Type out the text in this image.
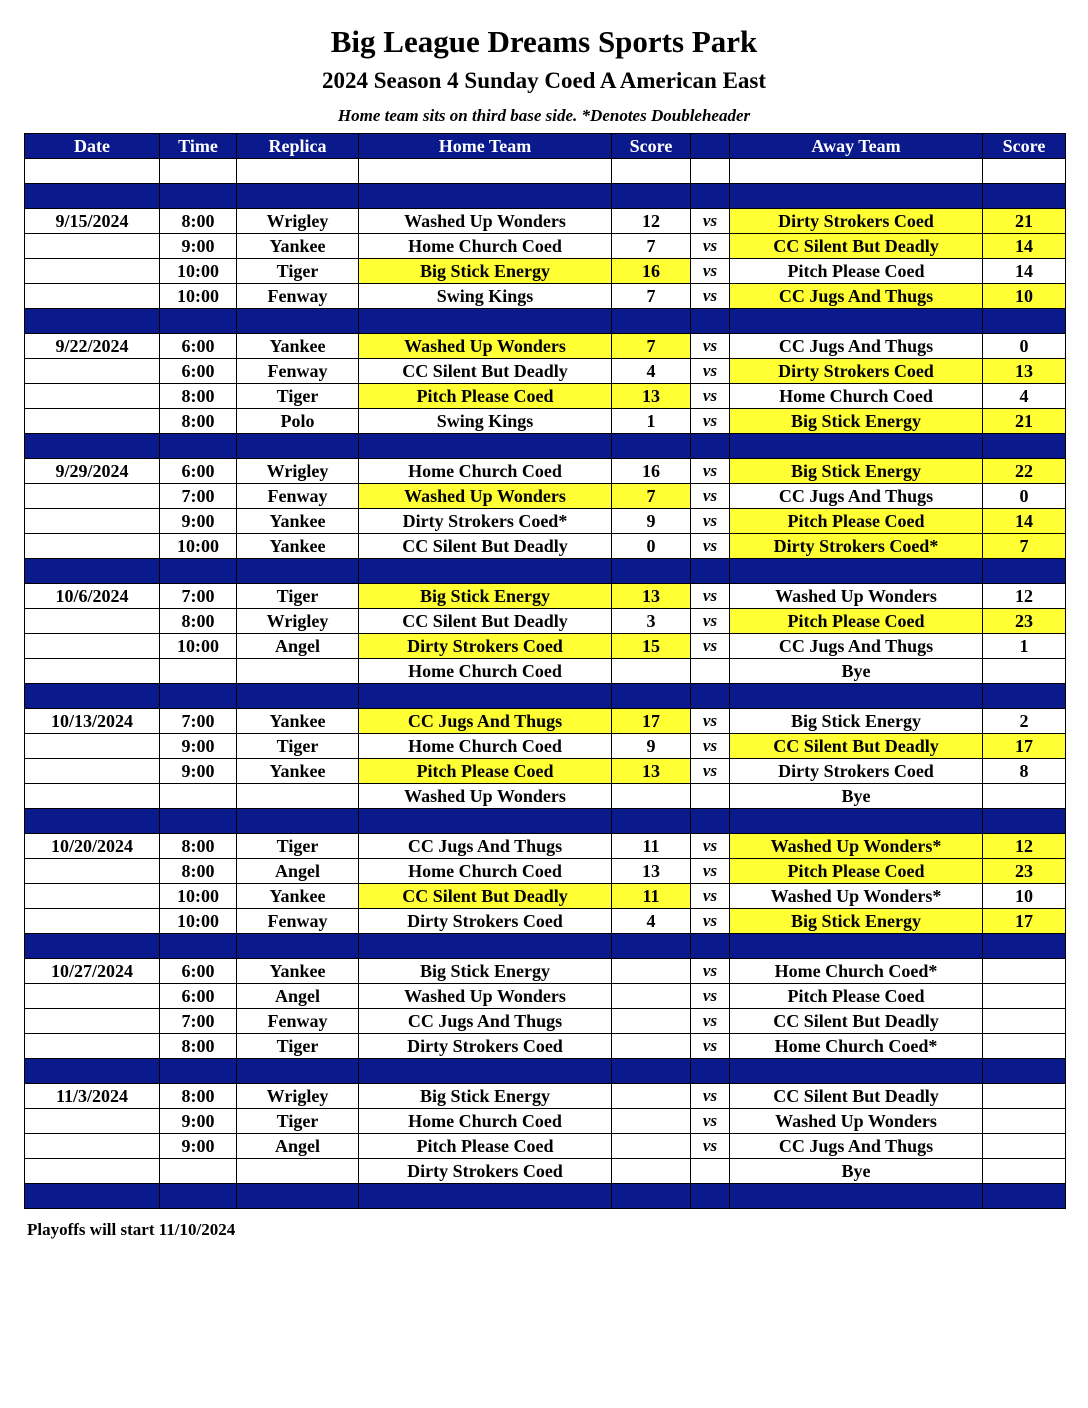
Big League Dreams Sports Park
2024 Season 4 Sunday Coed A American East
Home team sits on third base side. *Denotes Doubleheader
Date	Time	Replica	Home Team	Score		Away Team	Score

9/15/2024	8:00	Wrigley	Washed Up Wonders	12	vs	Dirty Strokers Coed	21
	9:00	Yankee	Home Church Coed	7	vs	CC Silent But Deadly	14
	10:00	Tiger	Big Stick Energy	16	vs	Pitch Please Coed	14
	10:00	Fenway	Swing Kings	7	vs	CC Jugs And Thugs	10

9/22/2024	6:00	Yankee	Washed Up Wonders	7	vs	CC Jugs And Thugs	0
	6:00	Fenway	CC Silent But Deadly	4	vs	Dirty Strokers Coed	13
	8:00	Tiger	Pitch Please Coed	13	vs	Home Church Coed	4
	8:00	Polo	Swing Kings	1	vs	Big Stick Energy	21

9/29/2024	6:00	Wrigley	Home Church Coed	16	vs	Big Stick Energy	22
	7:00	Fenway	Washed Up Wonders	7	vs	CC Jugs And Thugs	0
	9:00	Yankee	Dirty Strokers Coed*	9	vs	Pitch Please Coed	14
	10:00	Yankee	CC Silent But Deadly	0	vs	Dirty Strokers Coed*	7

10/6/2024	7:00	Tiger	Big Stick Energy	13	vs	Washed Up Wonders	12
	8:00	Wrigley	CC Silent But Deadly	3	vs	Pitch Please Coed	23
	10:00	Angel	Dirty Strokers Coed	15	vs	CC Jugs And Thugs	1
			Home Church Coed			Bye	

10/13/2024	7:00	Yankee	CC Jugs And Thugs	17	vs	Big Stick Energy	2
	9:00	Tiger	Home Church Coed	9	vs	CC Silent But Deadly	17
	9:00	Yankee	Pitch Please Coed	13	vs	Dirty Strokers Coed	8
			Washed Up Wonders			Bye	

10/20/2024	8:00	Tiger	CC Jugs And Thugs	11	vs	Washed Up Wonders*	12
	8:00	Angel	Home Church Coed	13	vs	Pitch Please Coed	23
	10:00	Yankee	CC Silent But Deadly	11	vs	Washed Up Wonders*	10
	10:00	Fenway	Dirty Strokers Coed	4	vs	Big Stick Energy	17

10/27/2024	6:00	Yankee	Big Stick Energy		vs	Home Church Coed*	
	6:00	Angel	Washed Up Wonders		vs	Pitch Please Coed	
	7:00	Fenway	CC Jugs And Thugs		vs	CC Silent But Deadly	
	8:00	Tiger	Dirty Strokers Coed		vs	Home Church Coed*	

11/3/2024	8:00	Wrigley	Big Stick Energy		vs	CC Silent But Deadly	
	9:00	Tiger	Home Church Coed		vs	Washed Up Wonders	
	9:00	Angel	Pitch Please Coed		vs	CC Jugs And Thugs	
			Dirty Strokers Coed			Bye	

Playoffs will start 11/10/2024
